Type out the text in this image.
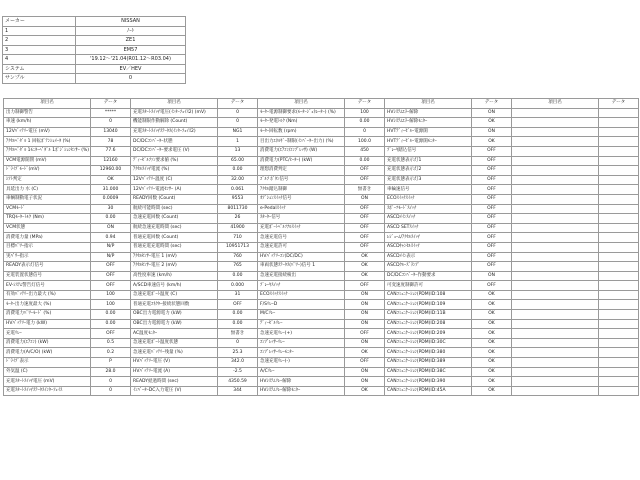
メーカー	NISSAN
1	ﾉｰﾄ
2	ZE1
3	EM57
4	'19.12～'21.04(R01.12～R03.04)
システム	EV／HEV
サンプル	0
項目名	データ	項目名	データ	項目名	データ	項目名	データ	項目名	データ
出力制御警告	*****	充電ｽﾀｰﾄｽｲｯﾁ電圧(ｲﾝﾀｰﾌｪｲｽ2) (mV)	0	ﾓｰﾀｰ電源制御要求(ﾓｰﾀｰｼﾞｪﾈﾚｰﾀｰ) (%)	100	HVｼｽﾃﾑｴﾗｰ解除	ON		
車速 (km/h)	0	機能制限作動解除 (Count)	0	ﾓｰﾀｰ発電ﾄﾙｸ (Nm)	0.00	HVｼｽﾃﾑｴﾗｰ解除ﾓﾆﾀｰ	OK		
12Vﾊﾞｯﾃﾘｰ電圧 (mV)	13040	充電ｽﾀｰﾄｽｲｯﾁｽﾃｰﾀｽ(ｲﾝﾀｰﾌｪｲｽ2)	NG1	ﾓｰﾀｰ回転数 (rpm)	0	HVTﾃﾞｨｰｾﾞﾙｰ電源開	ON		
ｱｸｾﾙﾍﾟﾀﾞﾙ 1 回転ﾎﾟﾃﾝｼｮﾒｰﾀ (%)	78	DC/DCｺﾝﾊﾞｰﾀｰ状態	1	目出力ｴﾈﾙｷﾞｰ制限(ｲﾝﾊﾞｰﾀｰ出力) (%)	100.0	HVTﾃﾞｨｰｾﾞﾙｰ電源開ﾓﾆﾀｰ	OK		
ｱｸｾﾙﾍﾟﾀﾞﾙ 1ﾓﾆﾀｰﾍﾟﾀﾞﾙ 1ﾎﾟｼﾞｼｮﾝｾﾝｻｰ (%)	77.6	DC/DCｺﾝﾊﾞｰﾀｰ要求電圧 (V)	13	消費電力(ｴｱｺﾝ/ｺﾝﾌﾟﾚｯｻ) (W)	450	ﾌﾞﾚｰｷ踏込信号	OFF		
VCM電源開閉 (mV)	12160	ﾃﾞｨｰｾﾞﾙﾌｧﾝ要求値 (%)	65.00	消費電力(PTC/ﾋｰﾀｰ) (kW)	0.00	充電状態表示灯1	OFF		
ﾄﾞﾗｲﾌﾞﾓｰﾄﾞ(mV)	12960.00	ｱｸｾﾙｽｲｯﾁ電流 (%)	0.00	理想消費判定	OFF	充電状態表示灯2	OFF		
ｼﾌﾄ判定	OK	12Vﾊﾞｯﾃﾘｰ温度 (C)	32.00	ｺﾞﾙﾌ ﾎﾞﾀﾝ信号	OFF	充電状態表示灯3	OFF		
具延出力 水 (C)	31.000	12Vﾊﾞｯﾃﾘｰ電流ｾﾝｻｰ (A)	0.061	ｱｸｾﾙ踏込制御	無書き	車輪速信号	OFF		
車輌制動電子状況	0.0009	READY回数 (Count)	9553	ｵﾌﾞｼｮﾝｽｲｯﾁ信号	ON	ECOｽｲｯﾁｽｲｯﾁ	OFF		
VCMﾓｰﾄﾞ	30	航続可能時間 (sec)	8011730	e-Pedalｽｲｯﾁ	OFF	ｽﾎﾟｰﾂﾓｰﾄﾞｽｲｯﾁ	OFF		
TRQﾓｰﾀｰﾄﾙｸ (Nm)	0.00	急速充電回数 (Count)	26	ｽﾀｰﾀｰ信号	OFF	ASCDﾒｲﾝｽｲｯﾁ	OFF		
VCM状態	ON	航続急速充電時間 (sec)	41900	充電ﾎﾟｰﾄﾍﾟﾙｿﾅﾙｽｲｯﾁ	OFF	ASCD SETｽｲｯﾁ	OFF		
消費電力量 (MPa)	0.94	普通充電回数 (Count)	710	急速充電信号	OFF	ﾚｼﾞｭｰﾑ/ｱｸｾﾙｽｲｯﾁ	OFF		
目標ﾊﾟﾜｰ指示	N/P	普通充電充電時間 (sec)	10951713	急速充電許可	OFF	ASCDｷｬﾝｾﾙｽｲｯﾁ	OFF		
実ﾊﾟﾜｰ指示	N/P	ｱｸｾﾙｾﾝｻｰ電圧 1 (mV)	760	HVﾊﾞｯﾃﾘｰｺﾝ(DC/DC)	OK	ASCDﾒｲﾝ表示	OFF		
READY表示灯信号	OFF	ｱｸｾﾙｾﾝｻｰ電圧 2 (mV)	765	車両状態ｽﾃｰﾀｽ(ﾊﾟﾜｰ)信号 1	OK	ASCDｸﾙｰｽﾞﾗﾝﾌﾟ	OFF		
充電装置状態信号	OFF	高性度車速 (km/h)	0.00	急速充電接続検出	OK	DC/DCｺﾝﾊﾞｰﾀｰ作動要求	ON		
EV-ｼｽﾃﾑ警告灯信号	OFF	A/SCD車速信号 (km/h)	0.000	ﾌﾞﾚｰｷｽｲｯﾁ	OFF	可変速度制御許可	OFF		
有効ﾊﾞｯﾃﾘｰ出力最大 (%)	100	急速充電ﾎﾟｰﾄ温度 (C)	31	ECOｽｲｯﾁｽｲｯﾁ	ON	CANｺﾐｭﾆｹｰｼｮﾝ(PDM)ID:108	OK		
ﾓｰﾀｰ出力速度最大 (%)	100	普通充電ｺﾈｸﾀｰ接続状態回数	OFF	F/SﾘﾚｰD	ON	CANｺﾐｭﾆｹｰｼｮﾝ(PDM)ID:109	OK		
消費電力ﾊﾟﾜｰﾓｰﾄﾞ (%)	0.00	OBC出力電源電力 (kW)	0.00	M/Cﾘﾚｰ	ON	CANｺﾐｭﾆｹｰｼｮﾝ(PDM)ID:11B	OK		
HVﾊﾞｯﾃﾘｰ電力 (kW)	0.00	OBC出力電源電力 (kW)	0.00	ﾃﾞｨｰｾﾞﾙﾘﾚｰ	ON	CANｺﾐｭﾆｹｰｼｮﾝ(PDM)ID:208	OK		
充電ﾘﾚｰ	OFF	AC温度ﾓﾆﾀｰ	無書き	急速充電ﾘﾚｰ(+)	OFF	CANｺﾐｭﾆｹｰｼｮﾝ(PDM)ID:209	OK		
消費電力(ｴｱｺﾝ) (kW)	0.5	急速充電ﾎﾟｰﾄ温度状態	0	ｺﾝﾌﾟﾚｯｻｰﾘﾚｰ	ON	CANｺﾐｭﾆｹｰｼｮﾝ(PDM)ID:30C	OK		
消費電力(A/C/O) (kW)	0.2	急速充電ﾊﾞｯﾃﾘｰ残量 (%)	25.3	ｺﾝﾌﾟﾚｯｻｰﾘﾚｰﾓﾆﾀｰ	OK	CANｺﾐｭﾆｹｰｼｮﾝ(PDM)ID:380	OK		
ﾄﾞﾗｲﾌﾞ表示	P	HVﾊﾞｯﾃﾘｰ電圧 (V)	342.0	急速充電ﾘﾚｰ(-)	OFF	CANｺﾐｭﾆｹｰｼｮﾝ(PDM)ID:389	OK		
外気温 (C)	28.0	HVﾊﾞｯﾃﾘｰ電流 (A)	-2.5	A/Cﾘﾚｰ	ON	CANｺﾐｭﾆｹｰｼｮﾝ(PDM)ID:38C	OK		
充電ｽﾀｰﾄｽｲｯﾁ電圧 (mV)	0	READY経過時間 (sec)	4350.59	HVｼｽﾃﾑﾘﾚｰ解除	ON	CANｺﾐｭﾆｹｰｼｮﾝ(PDM)ID:390	OK		
充電ｽﾀｰﾄｽｲｯﾁｽﾃｰﾀｽｲﾝﾀｰﾌｪｲｽ	0	ｲﾝﾊﾞｰﾀｰDC入力電圧 (V)	344	HVｼｽﾃﾑﾘﾚｰ解除ﾓﾆﾀｰ	OK	CANｺﾐｭﾆｹｰｼｮﾝ(PDM)ID:45A	OK		
